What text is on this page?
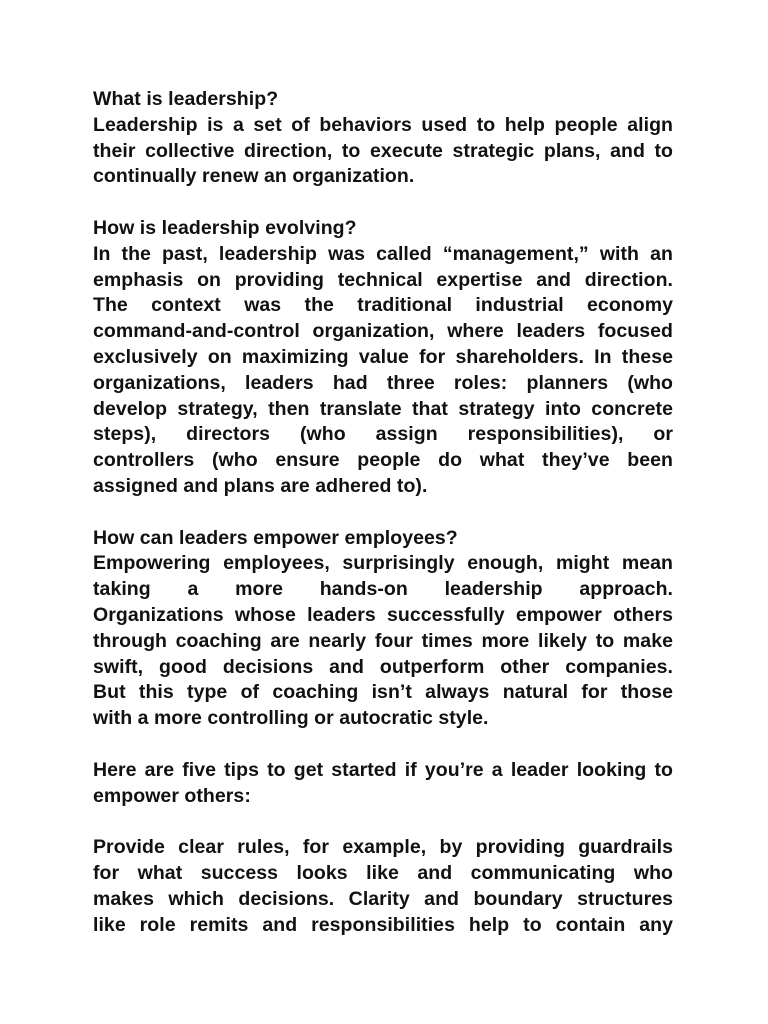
What is leadership?
Leadership is a set of behaviors used to help people align
their collective direction, to execute strategic plans, and to
continually renew an organization.
How is leadership evolving?
In the past, leadership was called “management,” with an
emphasis on providing technical expertise and direction.
The context was the traditional industrial economy
command-and-control organization, where leaders focused
exclusively on maximizing value for shareholders. In these
organizations, leaders had three roles: planners (who
develop strategy, then translate that strategy into concrete
steps), directors (who assign responsibilities), or
controllers (who ensure people do what they’ve been
assigned and plans are adhered to).
How can leaders empower employees?
Empowering employees, surprisingly enough, might mean
taking a more hands-on leadership approach.
Organizations whose leaders successfully empower others
through coaching are nearly four times more likely to make
swift, good decisions and outperform other companies.
But this type of coaching isn’t always natural for those
with a more controlling or autocratic style.
Here are five tips to get started if you’re a leader looking to
empower others:
Provide clear rules, for example, by providing guardrails
for what success looks like and communicating who
makes which decisions. Clarity and boundary structures
like role remits and responsibilities help to contain any
